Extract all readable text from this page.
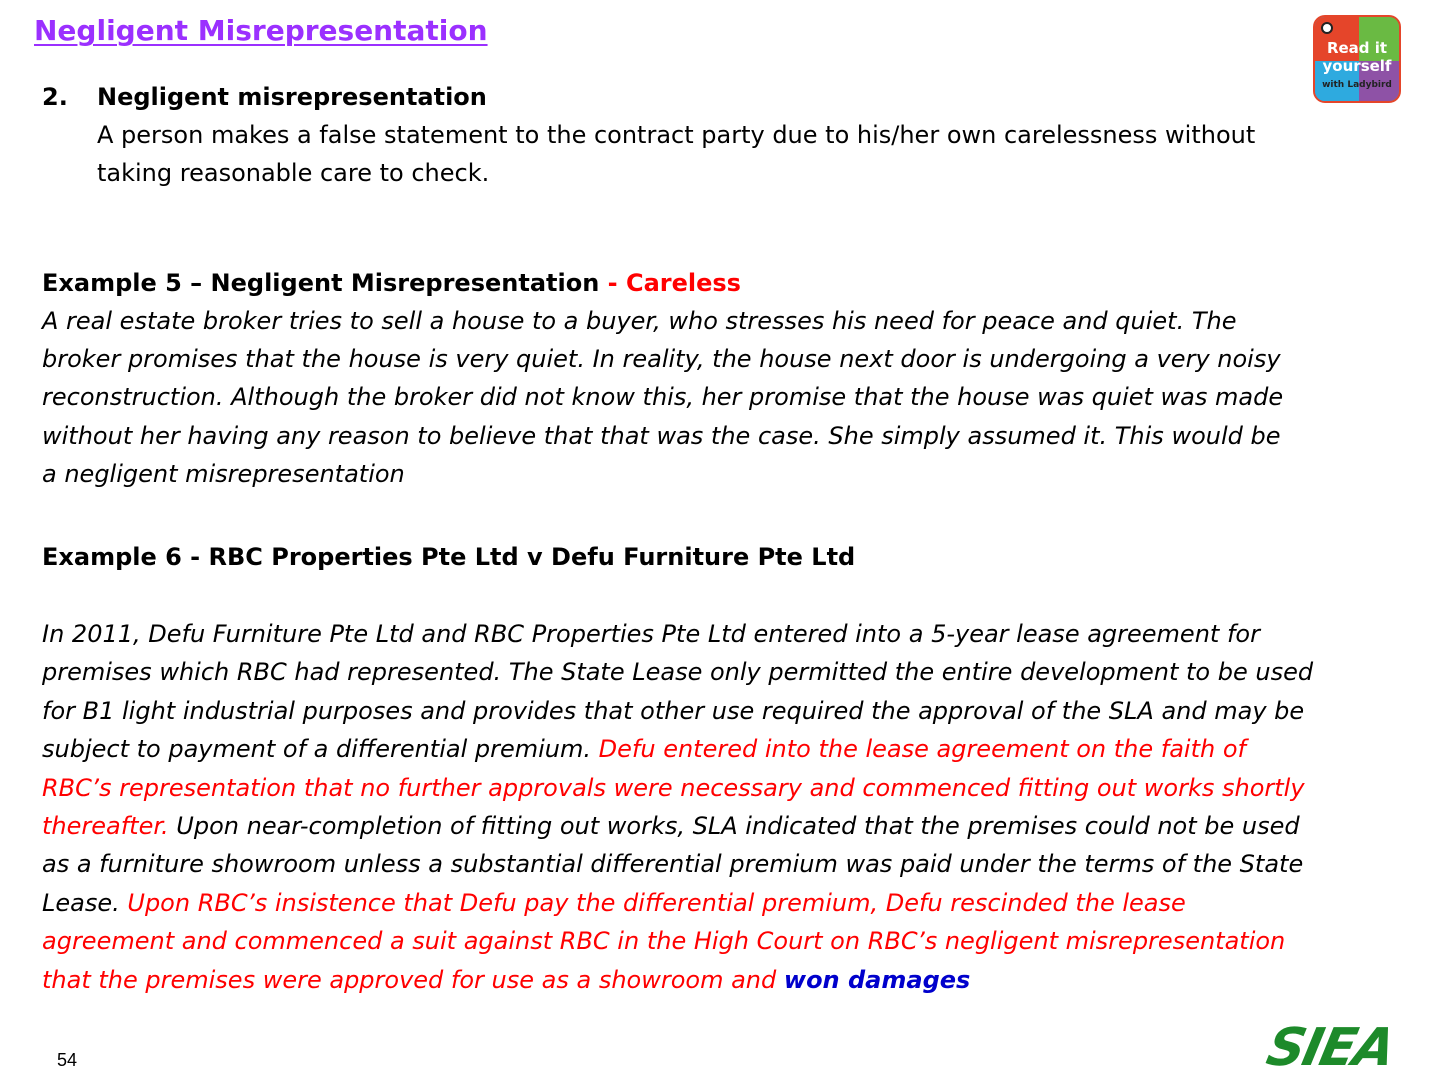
Negligent Misrepresentation
Read it
yourself
with Ladybird
2. Negligent misrepresentation
A person makes a false statement to the contract party due to his/her own carelessness without
taking reasonable care to check.
Example 5 – Negligent Misrepresentation - Careless
A real estate broker tries to sell a house to a buyer, who stresses his need for peace and quiet. The
broker promises that the house is very quiet. In reality, the house next door is undergoing a very noisy
reconstruction. Although the broker did not know this, her promise that the house was quiet was made
without her having any reason to believe that that was the case. She simply assumed it. This would be
a negligent misrepresentation
Example 6 - RBC Properties Pte Ltd v Defu Furniture Pte Ltd
In 2011, Defu Furniture Pte Ltd and RBC Properties Pte Ltd entered into a 5-year lease agreement for
premises which RBC had represented. The State Lease only permitted the entire development to be used
for B1 light industrial purposes and provides that other use required the approval of the SLA and may be
subject to payment of a differential premium. Defu entered into the lease agreement on the faith of
RBC’s representation that no further approvals were necessary and commenced fitting out works shortly
thereafter. Upon near-completion of fitting out works, SLA indicated that the premises could not be used
as a furniture showroom unless a substantial differential premium was paid under the terms of the State
Lease. Upon RBC’s insistence that Defu pay the differential premium, Defu rescinded the lease
agreement and commenced a suit against RBC in the High Court on RBC’s negligent misrepresentation
that the premises were approved for use as a showroom and won damages
54	SIEA
